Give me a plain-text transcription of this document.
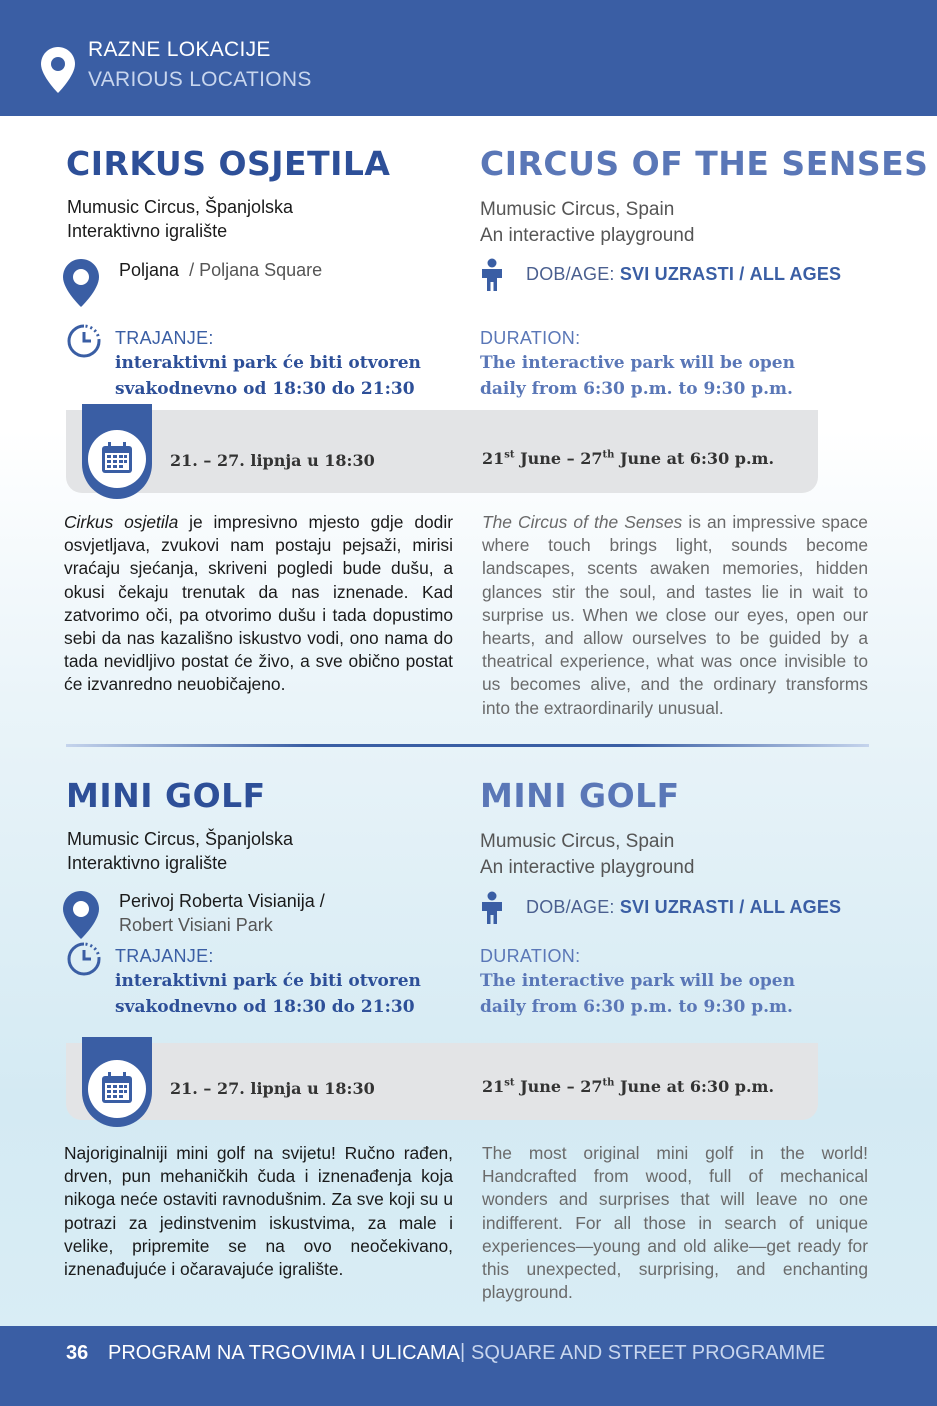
RAZNE LOKACIJE
VARIOUS LOCATIONS
CIRKUS OSJETILA	CIRCUS OF THE SENSES
Mumusic Circus, Španjolska
Interaktivno igralište
Mumusic Circus, Spain
An interactive playground
Poljana / Poljana Square	DOB/AGE: SVI UZRASTI / ALL AGES
TRAJANJE:
interaktivni park će biti otvoren
svakodnevno od 18:30 do 21:30
DURATION:
The interactive park will be open
daily from 6:30 p.m. to 9:30 p.m.
21. – 27. lipnja u 18:30	21st June – 27th June at 6:30 p.m.
Cirkus osjetila je impresivno mjesto gdje dodir osvjetljava, zvukovi nam postaju pejsaži, mirisi vraćaju sjećanja, skriveni pogledi bude dušu, a okusi čekaju trenutak da nas iznenade. Kad zatvorimo oči, pa otvorimo dušu i tada dopustimo sebi da nas kazališno iskustvo vodi, ono nama do tada nevidljivo postat će živo, a sve obično postat će izvanredno neuobičajeno.
The Circus of the Senses is an impressive space where touch brings light, sounds become landscapes, scents awaken memories, hidden glances stir the soul, and tastes lie in wait to surprise us. When we close our eyes, open our hearts, and allow ourselves to be guided by a theatrical experience, what was once invisible to us becomes alive, and the ordinary transforms into the extraordinarily unusual.
MINI GOLF	MINI GOLF
Mumusic Circus, Španjolska
Interaktivno igralište
Mumusic Circus, Spain
An interactive playground
Perivoj Roberta Visianija /
Robert Visiani Park
DOB/AGE: SVI UZRASTI / ALL AGES
TRAJANJE:
interaktivni park će biti otvoren
svakodnevno od 18:30 do 21:30
DURATION:
The interactive park will be open
daily from 6:30 p.m. to 9:30 p.m.
21. – 27. lipnja u 18:30	21st June – 27th June at 6:30 p.m.
Najoriginalniji mini golf na svijetu! Ručno rađen, drven, pun mehaničkih čuda i iznenađenja koja nikoga neće ostaviti ravnodušnim. Za sve koji su u potrazi za jedinstvenim iskustvima, za male i velike, pripremite se na ovo neočekivano, iznenađujuće i očaravajuće igralište.
The most original mini golf in the world! Handcrafted from wood, full of mechanical wonders and surprises that will leave no one indifferent. For all those in search of unique experiences—young and old alike—get ready for this unexpected, surprising, and enchanting playground.
36 PROGRAM NA TRGOVIMA I ULICAMA | SQUARE AND STREET PROGRAMME
